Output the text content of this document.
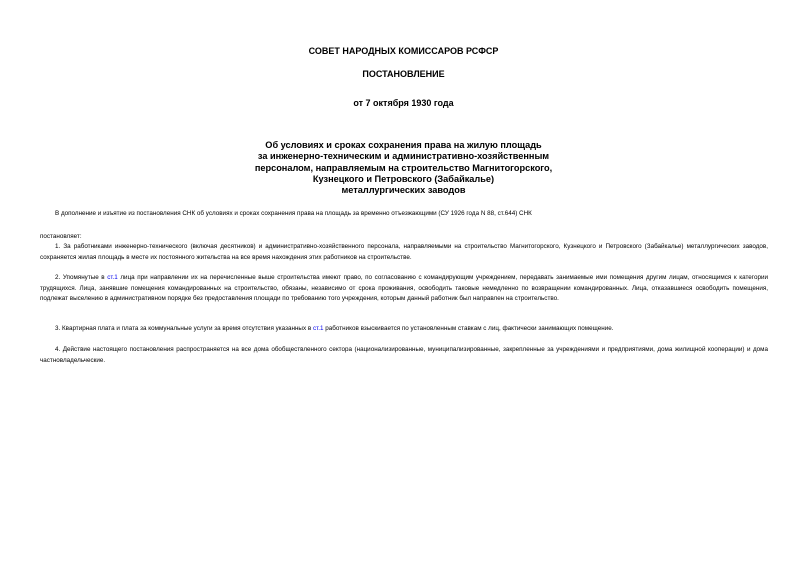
СОВЕТ НАРОДНЫХ КОМИССАРОВ РСФСР
ПОСТАНОВЛЕНИЕ
от 7 октября 1930 года
Об условиях и сроках сохранения права на жилую площадь
за инженерно-техническим и административно-хозяйственным
персоналом, направляемым на строительство Магнитогорского,
Кузнецкого и Петровского (Забайкалье)
металлургических заводов
В дополнение и изъятие из постановления СНК об условиях и сроках сохранения права на площадь за временно отъезжающими (СУ 1926 года N 88, ст.644) СНК
постановляет:
1. За работниками инженерно-технического (включая десятников) и административно-хозяйственного персонала, направляемыми на строительство Магнитогорского, Кузнецкого и Петровского (Забайкалье) металлургических заводов, сохраняется жилая площадь в месте их постоянного жительства на все время нахождения этих работников на строительстве.
2. Упомянутые в ст.1 лица при направлении их на перечисленные выше строительства имеют право, по согласованию с командирующим учреждением, передавать занимаемые ими помещения другим лицам, относящимся к категории трудящихся. Лица, занявшие помещения командированных на строительство, обязаны, независимо от срока проживания, освободить таковые немедленно по возвращении командированных. Лица, отказавшиеся освободить помещения, подлежат выселению в административном порядке без предоставления площади по требованию того учреждения, которым данный работник был направлен на строительство.
3. Квартирная плата и плата за коммунальные услуги за время отсутствия указанных в ст.1 работников взыскивается по установленным ставкам с лиц, фактически занимающих помещение.
4. Действие настоящего постановления распространяется на все дома обобществленного сектора (национализированные, муниципализированные, закрепленные за учреждениями и предприятиями, дома жилищной кооперации) и дома частновладельческие.
